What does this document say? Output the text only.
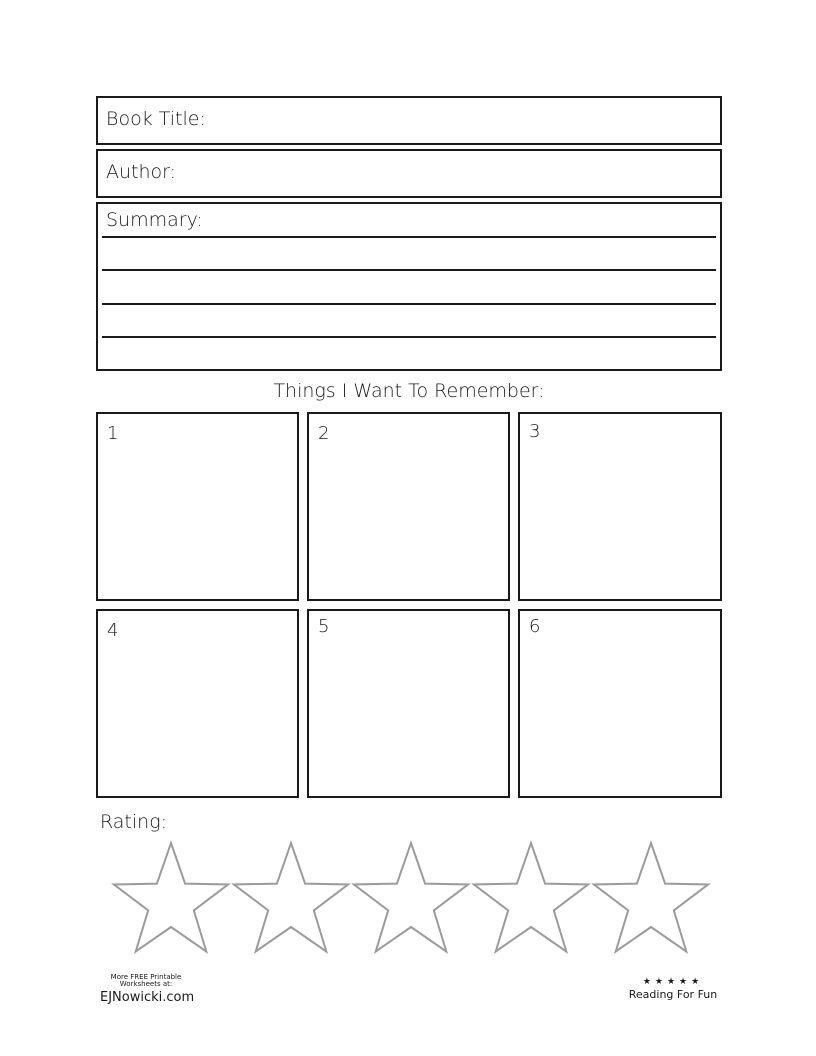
Book Title:
Author:
Summary:
Things I Want To Remember:
1	2	3
4	5	6
Rating:
More FREE Printable
Worksheets at:
EJNowicki.com
★★★★★
Reading For Fun
